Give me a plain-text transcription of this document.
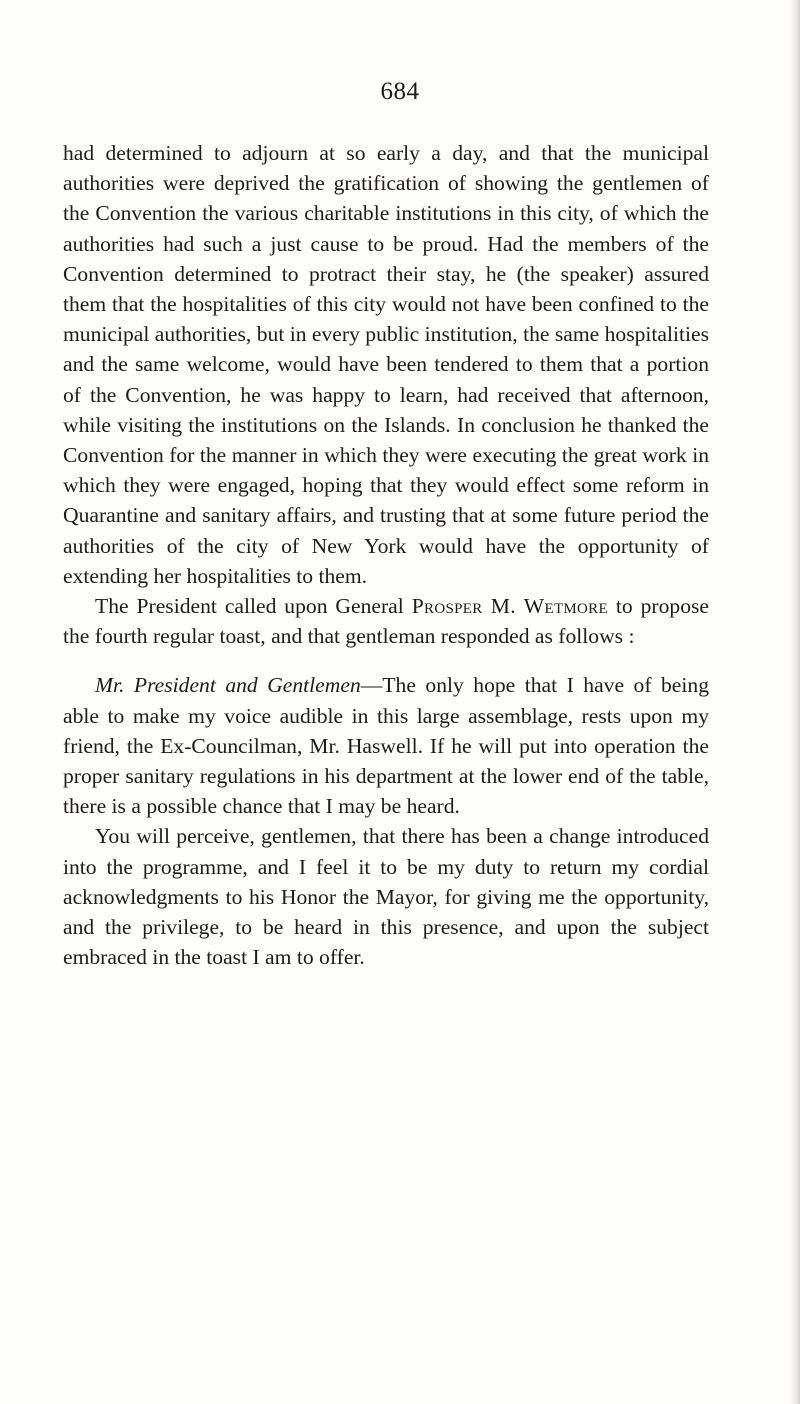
684

had determined to adjourn at so early a day, and that the municipal authorities were deprived the gratification of showing the gentlemen of the Convention the various charitable institutions in this city, of which the authorities had such a just cause to be proud. Had the members of the Convention determined to protract their stay, he (the speaker) assured them that the hospitalities of this city would not have been confined to the municipal authorities, but in every public institution, the same hospitalities and the same welcome, would have been tendered to them that a portion of the Convention, he was happy to learn, had received that afternoon, while visiting the institutions on the Islands. In conclusion he thanked the Convention for the manner in which they were executing the great work in which they were engaged, hoping that they would effect some reform in Quarantine and sanitary affairs, and trusting that at some future period the authorities of the city of New York would have the opportunity of extending her hospitalities to them.

The President called upon General Prosper M. Wetmore to propose the fourth regular toast, and that gentleman responded as follows :

Mr. President and Gentlemen—The only hope that I have of being able to make my voice audible in this large assemblage, rests upon my friend, the Ex-Councilman, Mr. Haswell. If he will put into operation the proper sanitary regulations in his department at the lower end of the table, there is a possible chance that I may be heard.

You will perceive, gentlemen, that there has been a change introduced into the programme, and I feel it to be my duty to return my cordial acknowledgments to his Honor the Mayor, for giving me the opportunity, and the privilege, to be heard in this presence, and upon the subject embraced in the toast I am to offer.
